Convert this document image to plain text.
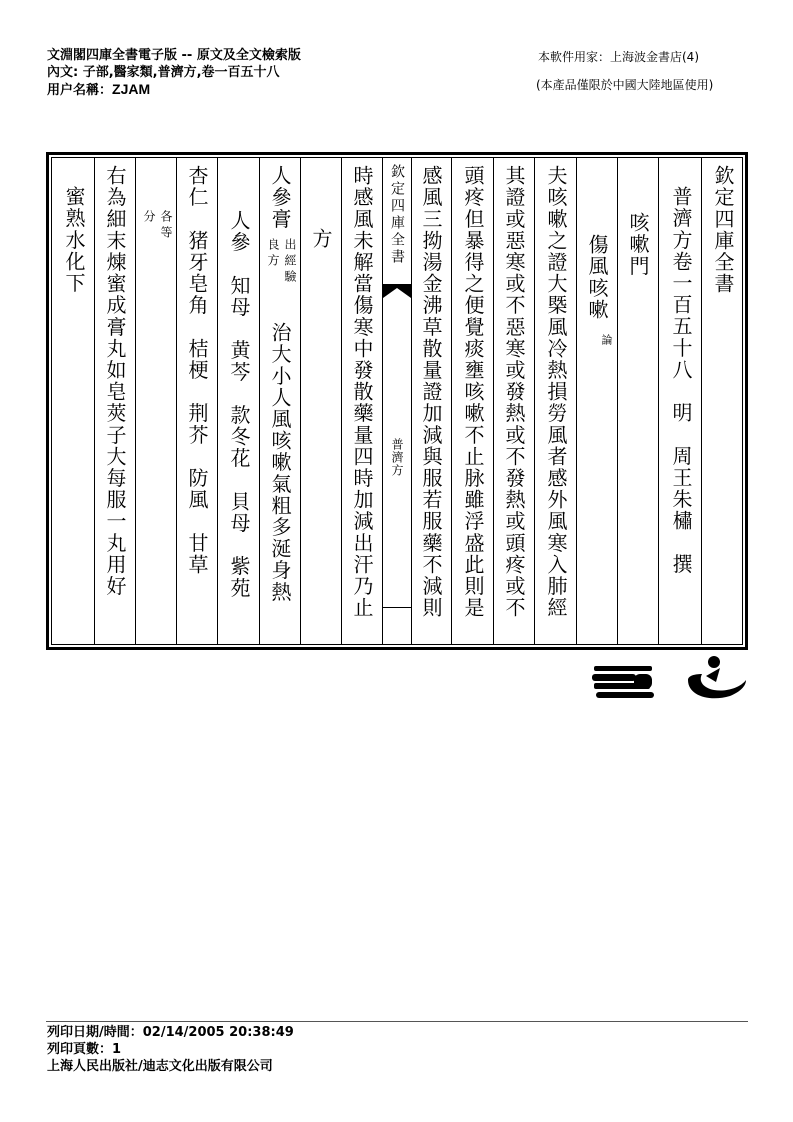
文淵閣四庫全書電子版 -- 原文及全文檢索版
內文: 子部,醫家類,普濟方,卷一百五十八
用户名稱：ZJAM
本軟件用家：上海波金書店(4)
(本產品僅限於中國大陸地區使用)
欽定四庫全書
普濟方卷一百五十八　明　周王朱橚　撰
咳嗽門
傷風咳嗽
論
夫咳嗽之證大槩風冷熱損勞風者感外風寒入肺經
其證或惡寒或不惡寒或發熱或不發熱或頭疼或不
頭疼但暴得之便覺痰壅咳嗽不止脉雖浮盛此則是
感風三拗湯金沸草散量證加減與服若服藥不減則
欽定四庫全書
普濟方
時感風未解當傷寒中發散藥量四時加減出汗乃止
方
人參膏
出經驗良方
治大小人風咳嗽氣粗多涎身熱
人參　知母　黄芩　款冬花　貝母　紫苑
杏仁　猪牙皂角　桔梗　荆芥　防風　甘草
各等分
右為細末煉蜜成膏丸如皂莢子大每服一丸用好
蜜熟水化下
列印日期/時間：02/14/2005 20:38:49
列印頁數：1
上海人民出版社/迪志文化出版有限公司
